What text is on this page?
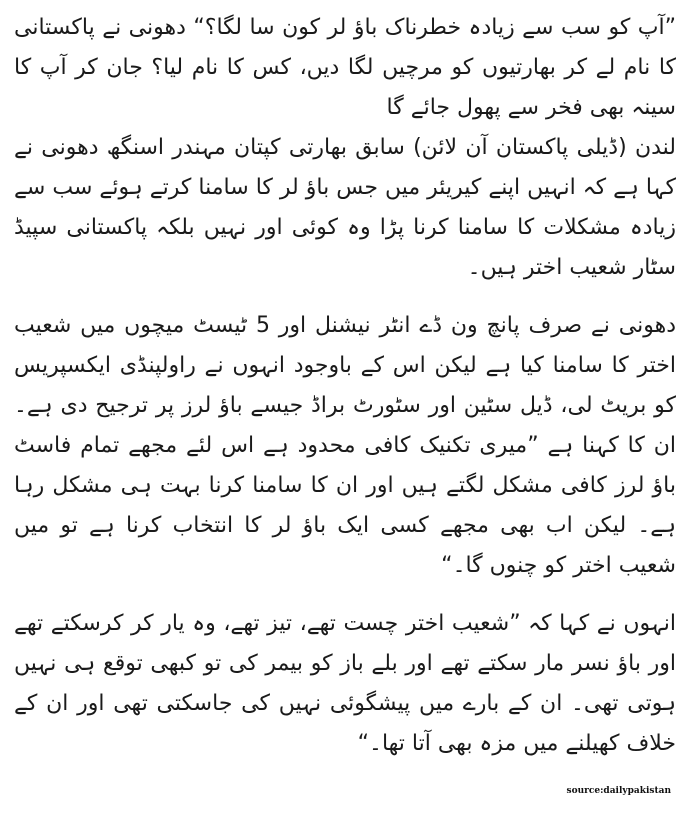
”آپ کو سب سے زیادہ خطرناک باؤ لر کون سا لگا؟“ دھونی نے پاکستانی کا نام لے کر بھارتیوں کو مرچیں لگا دیں، کس کا نام لیا؟ جان کر آپ کا سینہ بھی فخر سے پھول جائے گا

لندن (ڈیلی پاکستان آن لائن) سابق بھارتی کپتان مہندر اسنگھ دھونی نے کہا ہے کہ انہیں اپنے کیریئر میں جس باؤ لر کا سامنا کرتے ہوئے سب سے زیادہ مشکلات کا سامنا کرنا پڑا وہ کوئی اور نہیں بلکہ پاکستانی سپیڈ سٹار شعیب اختر ہیں۔

دھونی نے صرف پانچ ون ڈے انٹر نیشنل اور 5 ٹیسٹ میچوں میں شعیب اختر کا سامنا کیا ہے لیکن اس کے باوجود انہوں نے راولپنڈی ایکسپریس کو بریٹ لی، ڈیل سٹین اور سٹورٹ براڈ جیسے باؤ لرز پر ترجیح دی ہے۔ ان کا کہنا ہے ”میری تکنیک کافی محدود ہے اس لئے مجھے تمام فاسٹ باؤ لرز کافی مشکل لگتے ہیں اور ان کا سامنا کرنا بہت ہی مشکل رہا ہے۔ لیکن اب بھی مجھے کسی ایک باؤ لر کا انتخاب کرنا ہے تو میں شعیب اختر کو چنوں گا۔“

انہوں نے کہا کہ ”شعیب اختر چست تھے، تیز تھے، وہ یار کر کرسکتے تھے اور باؤ نسر مار سکتے تھے اور بلے باز کو بیمر کی تو کبھی توقع ہی نہیں ہوتی تھی۔ ان کے بارے میں پیشگوئی نہیں کی جاسکتی تھی اور ان کے خلاف کھیلنے میں مزہ بھی آتا تھا۔“

source:dailypakistan
